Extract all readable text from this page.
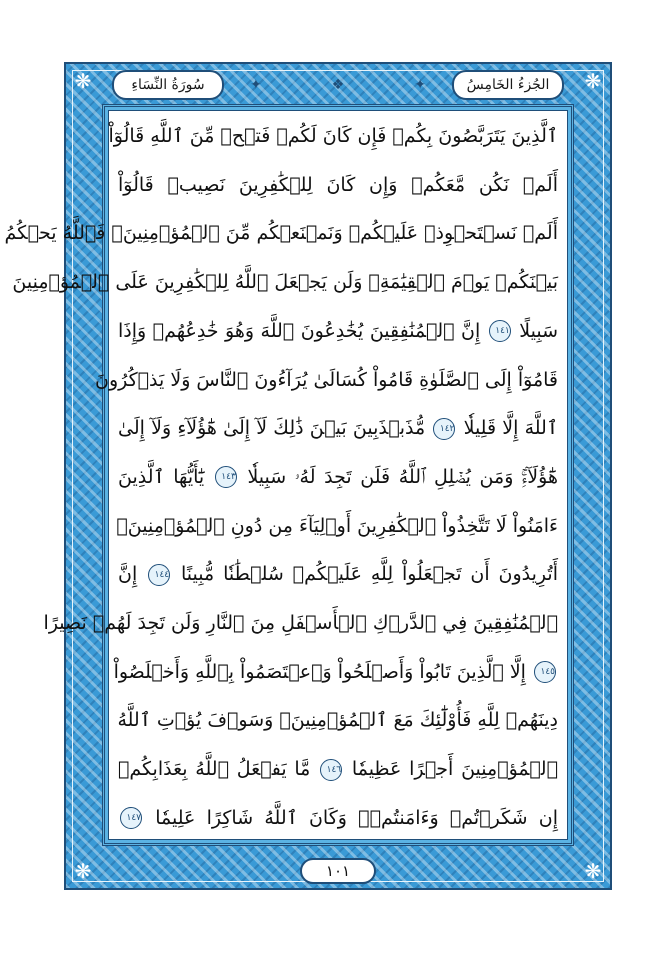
❋	❋
❋	❋
سُورَةُ النِّسَاءِ	✦	❖	✦	الجُزءُ الخَامِسُ
ٱلَّذِينَ يَتَرَبَّصُونَ بِكُمۡ فَإِن كَانَ لَكُمۡ فَتۡحٞ مِّنَ ٱللَّهِ قَالُوٓاْ
أَلَمۡ نَكُن مَّعَكُمۡ وَإِن كَانَ لِلۡكَٰفِرِينَ نَصِيبٞ قَالُوٓاْ
أَلَمۡ نَسۡتَحۡوِذۡ عَلَيۡكُمۡ وَنَمۡنَعۡكُم مِّنَ ٱلۡمُؤۡمِنِينَۚ فَٱللَّهُ يَحۡكُمُ
بَيۡنَكُمۡ يَوۡمَ ٱلۡقِيَٰمَةِۗ وَلَن يَجۡعَلَ ٱللَّهُ لِلۡكَٰفِرِينَ عَلَى ٱلۡمُؤۡمِنِينَ
سَبِيلًا ١٤١ إِنَّ ٱلۡمُنَٰفِقِينَ يُخَٰدِعُونَ ٱللَّهَ وَهُوَ خَٰدِعُهُمۡ وَإِذَا
قَامُوٓاْ إِلَى ٱلصَّلَوٰةِ قَامُواْ كُسَالَىٰ يُرَآءُونَ ٱلنَّاسَ وَلَا يَذۡكُرُونَ
ٱللَّهَ إِلَّا قَلِيلٗا ١٤٢ مُّذَبۡذَبِينَ بَيۡنَ ذَٰلِكَ لَآ إِلَىٰ هَٰٓؤُلَآءِ وَلَآ إِلَىٰ
هَٰٓؤُلَآءِۚ وَمَن يُضۡلِلِ ٱللَّهُ فَلَن تَجِدَ لَهُۥ سَبِيلٗا ١٤٣ يَٰٓأَيُّهَا ٱلَّذِينَ
ءَامَنُواْ لَا تَتَّخِذُواْ ٱلۡكَٰفِرِينَ أَوۡلِيَآءَ مِن دُونِ ٱلۡمُؤۡمِنِينَۚ
أَتُرِيدُونَ أَن تَجۡعَلُواْ لِلَّهِ عَلَيۡكُمۡ سُلۡطَٰنٗا مُّبِينًا ١٤٤ إِنَّ
ٱلۡمُنَٰفِقِينَ فِي ٱلدَّرۡكِ ٱلۡأَسۡفَلِ مِنَ ٱلنَّارِ وَلَن تَجِدَ لَهُمۡ نَصِيرًا
١٤٥ إِلَّا ٱلَّذِينَ تَابُواْ وَأَصۡلَحُواْ وَٱعۡتَصَمُواْ بِٱللَّهِ وَأَخۡلَصُواْ
دِينَهُمۡ لِلَّهِ فَأُوْلَٰٓئِكَ مَعَ ٱلۡمُؤۡمِنِينَۖ وَسَوۡفَ يُؤۡتِ ٱللَّهُ
ٱلۡمُؤۡمِنِينَ أَجۡرًا عَظِيمٗا ١٤٦ مَّا يَفۡعَلُ ٱللَّهُ بِعَذَابِكُمۡ
إِن شَكَرۡتُمۡ وَءَامَنتُمۡۚ وَكَانَ ٱللَّهُ شَاكِرًا عَلِيمٗا ١٤٧
١٠١
